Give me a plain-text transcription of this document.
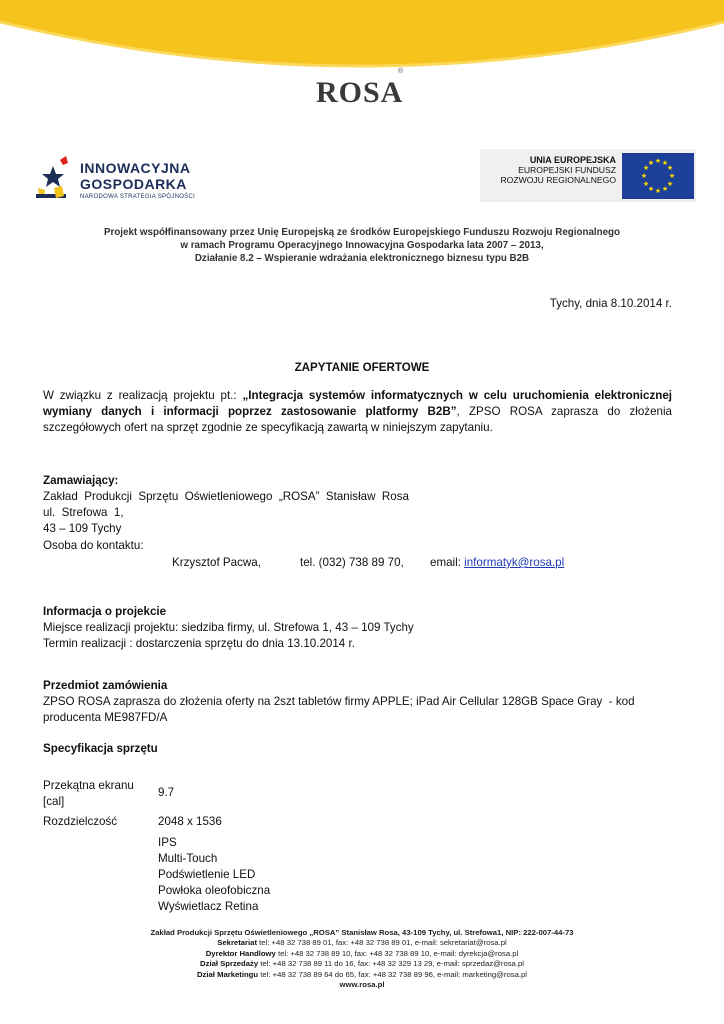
ROSA
®
INNOWACYJNA
GOSPODARKA
NARODOWA STRATEGIA SPÓJNOŚCI
UNIA EUROPEJSKA
EUROPEJSKI FUNDUSZ
ROZWOJU REGIONALNEGO
★ ★
★
★
★
★
★
★
★
★
★
★
Projekt współfinansowany przez Unię Europejską ze środków Europejskiego Funduszu Rozwoju Regionalnego
w ramach Programu Operacyjnego Innowacyjna Gospodarka lata 2007 – 2013,
Działanie 8.2 – Wspieranie wdrażania elektronicznego biznesu typu B2B
Tychy, dnia 8.10.2014 r.
ZAPYTANIE OFERTOWE
W związku z realizacją projektu pt.: „Integracja systemów informatycznych w celu uruchomienia elektronicznej wymiany danych i informacji poprzez zastosowanie platformy B2B”, ZPSO ROSA zaprasza do złożenia szczegółowych ofert na sprzęt zgodnie ze specyfikacją zawartą w niniejszym zapytaniu.
Zamawiający:
Zakład  Produkcji  Sprzętu  Oświetleniowego  „ROSA”  Stanisław  Rosa
ul.  Strefowa  1,
43 – 109 Tychy
Osoba do kontaktu:
Krzysztof Pacwa,	tel. (032) 738 89 70, email: informatyk@rosa.pl
Informacja o projekcie
Miejsce realizacji projektu: siedziba firmy, ul. Strefowa 1, 43 – 109 Tychy
Termin realizacji : dostarczenia sprzętu do dnia 13.10.2014 r.
Przedmiot zamówienia
ZPSO ROSA zaprasza do złożenia oferty na 2szt tabletów firmy APPLE; iPad Air Cellular 128GB Space Gray  - kod
producenta ME987FD/A
Specyfikacja sprzętu
Przekątna ekranu
[cal]
9.7
Rozdzielczość	2048 x 1536
IPS
Multi-Touch
Podświetlenie LED
Powłoka oleofobiczna
Wyświetlacz Retina
Zakład Produkcji Sprzętu Oświetleniowego „ROSA” Stanisław Rosa, 43-109 Tychy, ul. Strefowa1, NIP: 222-007-44-73
Sekretariat tel: +48 32 738 89 01, fax: +48 32 738 89 01, e-mail: sekretariat@rosa.pl
Dyrektor Handlowy tel: +48 32 738 89 10, fax: +48 32 738 89 10, e-mail: dyrekcja@rosa.pl
Dział Sprzedaży tel: +48 32 738 89 11 do 16, fax: +48 32 329 13 29, e-mail: sprzedaz@rosa.pl
Dział Marketingu tel: +48 32 738 89 64 do 65, fax: +48 32 738 89 96, e-mail: marketing@rosa.pl
www.rosa.pl
